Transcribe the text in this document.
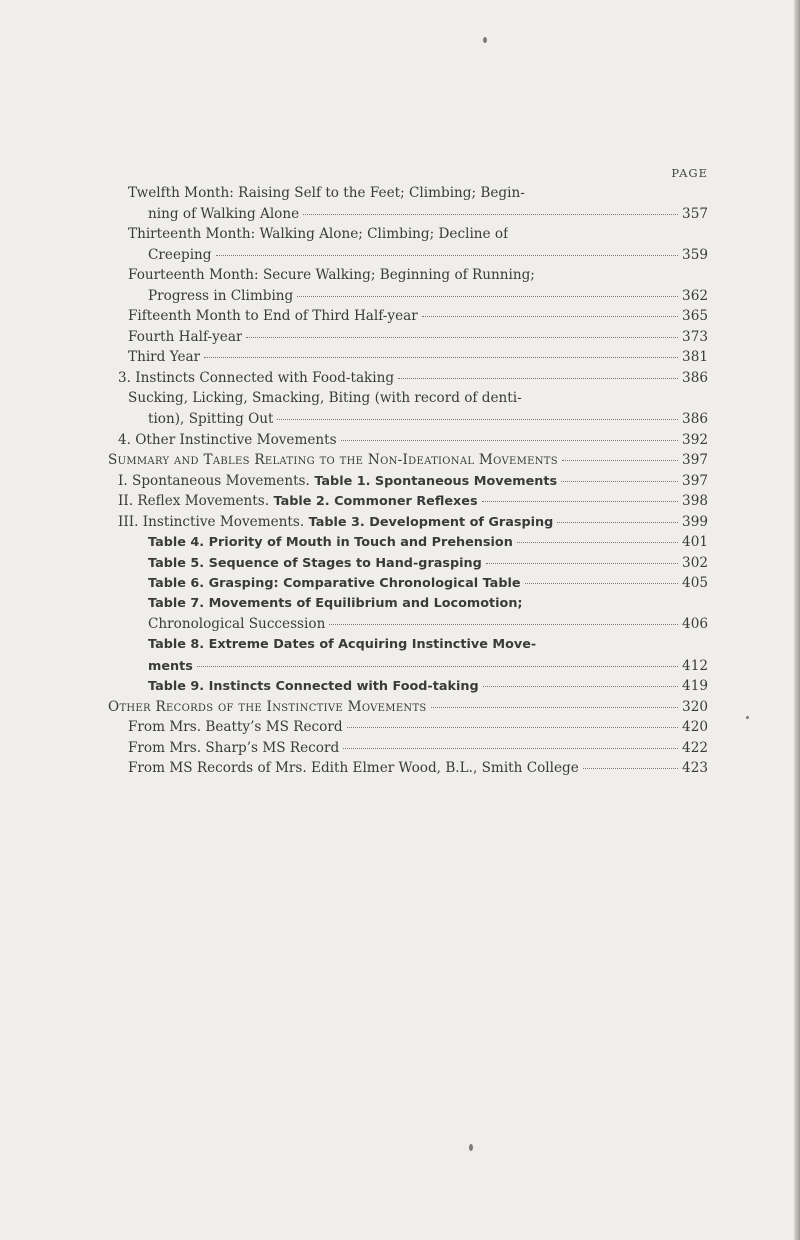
PAGE
Twelfth Month: Raising Self to the Feet; Climbing; Begin-
ning of Walking Alone	357
Thirteenth Month: Walking Alone; Climbing; Decline of
Creeping	359
Fourteenth Month: Secure Walking; Beginning of Running;
Progress in Climbing	362
Fifteenth Month to End of Third Half-year	365
Fourth Half-year	373
Third Year	381
3. Instincts Connected with Food-taking	386
Sucking, Licking, Smacking, Biting (with record of denti-
tion), Spitting Out	386
4. Other Instinctive Movements	392
Summary and Tables Relating to the Non-Ideational Movements	397
I. Spontaneous Movements. Table 1. Spontaneous Movements	397
II. Reflex Movements. Table 2. Commoner Reflexes	398
III. Instinctive Movements. Table 3. Development of Grasping	399
Table 4. Priority of Mouth in Touch and Prehension	401
Table 5. Sequence of Stages to Hand-grasping	302
Table 6. Grasping: Comparative Chronological Table	405
Table 7. Movements of Equilibrium and Locomotion;
Chronological Succession	406
Table 8. Extreme Dates of Acquiring Instinctive Move-
ments	412
Table 9. Instincts Connected with Food-taking	419
Other Records of the Instinctive Movements	320
From Mrs. Beatty’s MS Record	420
From Mrs. Sharp’s MS Record	422
From MS Records of Mrs. Edith Elmer Wood, B.L., Smith College	423
